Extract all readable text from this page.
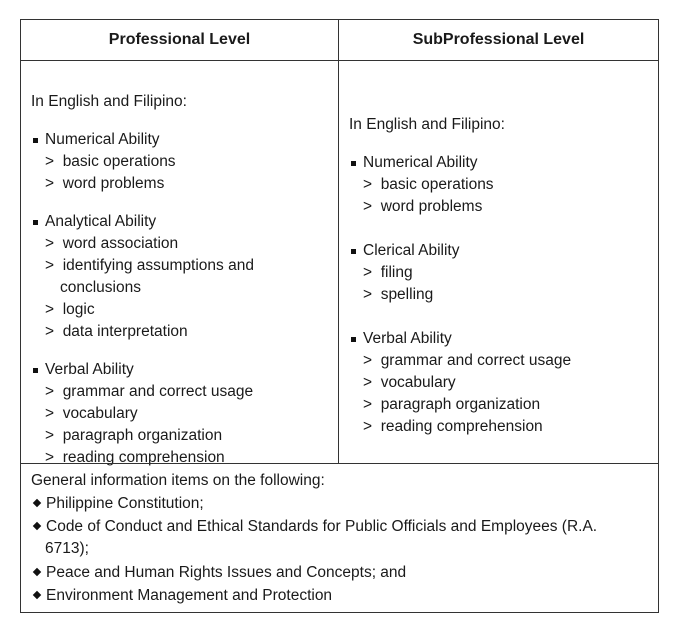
Professional Level	SubProfessional Level
In English and Filipino:
Numerical Ability
> basic operations
> word problems
Analytical Ability
> word association
> identifying assumptions and
conclusions
> logic
> data interpretation
Verbal Ability
> grammar and correct usage
> vocabulary
> paragraph organization
> reading comprehension
In English and Filipino:
Numerical Ability
> basic operations
> word problems
Clerical Ability
> filing
> spelling
Verbal Ability
> grammar and correct usage
> vocabulary
> paragraph organization
> reading comprehension
General information items on the following:
Philippine Constitution;
Code of Conduct and Ethical Standards for Public Officials and Employees (R.A.
6713);
Peace and Human Rights Issues and Concepts; and
Environment Management and Protection
